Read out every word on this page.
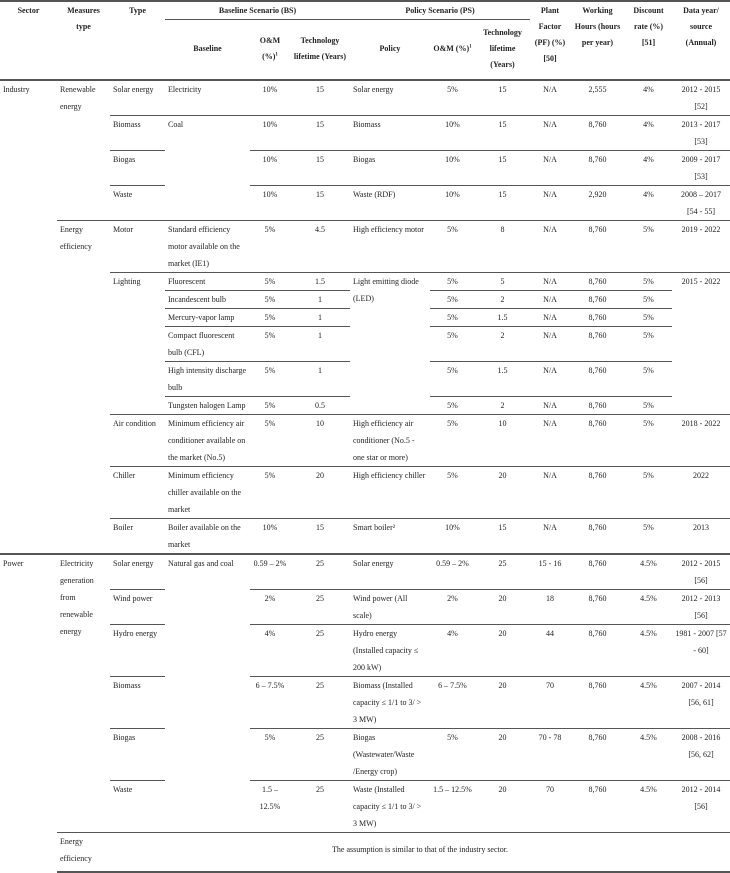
Sector	Measures type	Type	Baseline Scenario (BS)			Policy Scenario (PS)			Plant Factor (PF) (%) [50]	Working Hours (hours per year)	Discount rate (%) [51]	Data year/ source (Annual)
			Baseline	O&M (%)$^1$	Technology lifetime (Years)	Policy	O&M (%)$^1$	Technology lifetime (Years)				
Industry	Renewable energy	Solar energy	Electricity	10%	15	Solar energy	5%	15	N/A	2,555	4%	2012 - 2015 [52]
		Biomass	Coal	10%	15	Biomass	10%	15	N/A	8,760	4%	2013 - 2017 [53]
		Biogas		10%	15	Biogas	10%	15	N/A	8,760	4%	2009 - 2017 [53]
		Waste		10%	15	Waste (RDF)	10%	15	N/A	2,920	4%	2008 – 2017 [54 - 55]
	Energy efficiency	Motor	Standard efficiency motor available on the market (IE1)	5%	4.5	High efficiency motor	5%	8	N/A	8,760	5%	2019 - 2022
		Lighting	Fluorescent	5%	1.5	Light emitting diode (LED)	5%	5	N/A	8,760	5%	2015 - 2022
			Incandescent bulb	5%	1		5%	2	N/A	8,760	5%	
			Mercury-vapor lamp	5%	1		5%	1.5	N/A	8,760	5%	
			Compact fluorescent bulb (CFL)	5%	1		5%	2	N/A	8,760	5%	
			High intensity discharge bulb	5%	1		5%	1.5	N/A	8,760	5%	
			Tungsten halogen Lamp	5%	0.5		5%	2	N/A	8,760	5%	
		Air condition	Minimum efficiency air conditioner available on the market (No.5)	5%	10	High efficiency air conditioner (No.5 - one star or more)	5%	10	N/A	8,760	5%	2018 - 2022
		Chiller	Minimum efficiency chiller available on the market	5%	20	High efficiency chiller	5%	20	N/A	8,760	5%	2022
		Boiler	Boiler available on the market	10%	15	Smart boiler²	10%	15	N/A	8,760	5%	2013
Power	Electricity generation from renewable energy	Solar energy	Natural gas and coal	0.59 – 2%	25	Solar energy	0.59 – 2%	25	15 - 16	8,760	4.5%	2012 - 2015 [56]
		Wind power		2%	25	Wind power (All scale)	2%	20	18	8,760	4.5%	2012 - 2013 [56]
		Hydro energy		4%	25	Hydro energy (Installed capacity ≤ 200 kW)	4%	20	44	8,760	4.5%	1981 - 2007 [57 - 60]
		Biomass		6 – 7.5%	25	Biomass (Installed capacity ≤ 1/1 to 3/ > 3 MW)	6 – 7.5%	20	70	8,760	4.5%	2007 - 2014 [56, 61]
		Biogas		5%	25	Biogas (Wastewater/Waste /Energy crop)	5%	20	70 - 78	8,760	4.5%	2008 - 2016 [56, 62]
		Waste		1.5 – 12.5%	25	Waste (Installed capacity ≤ 1/1 to 3/ > 3 MW)	1.5 – 12.5%	20	70	8,760	4.5%	2012 - 2014 [56]
	Energy efficiency	The assumption is similar to that of the industry sector.										
